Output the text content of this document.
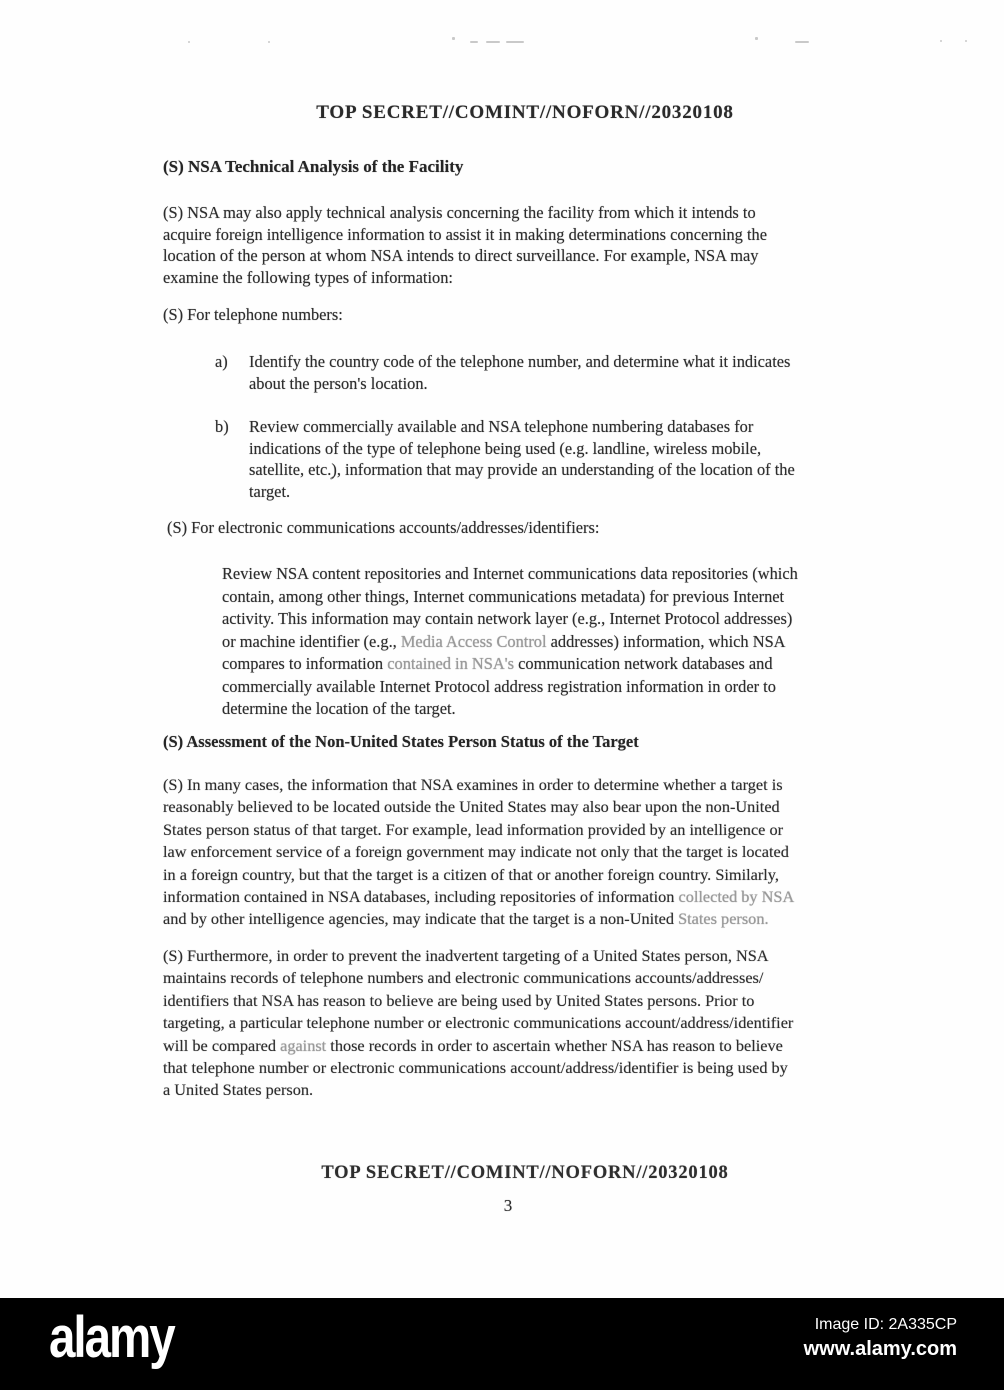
TOP SECRET//COMINT//NOFORN//20320108
(S) NSA Technical Analysis of the Facility
(S) NSA may also apply technical analysis concerning the facility from which it intends to
acquire foreign intelligence information to assist it in making determinations concerning the
location of the person at whom NSA intends to direct surveillance. For example, NSA may
examine the following types of information:
(S) For telephone numbers:
a) Identify the country code of the telephone number, and determine what it indicates
about the person's location.
b) Review commercially available and NSA telephone numbering databases for
indications of the type of telephone being used (e.g. landline, wireless mobile,
satellite, etc.), information that may provide an understanding of the location of the
target.
(S) For electronic communications accounts/addresses/identifiers:
Review NSA content repositories and Internet communications data repositories (which
contain, among other things, Internet communications metadata) for previous Internet
activity. This information may contain network layer (e.g., Internet Protocol addresses)
or machine identifier (e.g., Media Access Control addresses) information, which NSA
compares to information contained in NSA's communication network databases and
commercially available Internet Protocol address registration information in order to
determine the location of the target.
(S) Assessment of the Non-United States Person Status of the Target
(S) In many cases, the information that NSA examines in order to determine whether a target is
reasonably believed to be located outside the United States may also bear upon the non-United
States person status of that target. For example, lead information provided by an intelligence or
law enforcement service of a foreign government may indicate not only that the target is located
in a foreign country, but that the target is a citizen of that or another foreign country. Similarly,
information contained in NSA databases, including repositories of information collected by NSA
and by other intelligence agencies, may indicate that the target is a non-United States person.
(S) Furthermore, in order to prevent the inadvertent targeting of a United States person, NSA
maintains records of telephone numbers and electronic communications accounts/addresses/
identifiers that NSA has reason to believe are being used by United States persons. Prior to
targeting, a particular telephone number or electronic communications account/address/identifier
will be compared against those records in order to ascertain whether NSA has reason to believe
that telephone number or electronic communications account/address/identifier is being used by
a United States person.
TOP SECRET//COMINT//NOFORN//20320108
3
alamy	Image ID: 2A335CP
www.alamy.com
